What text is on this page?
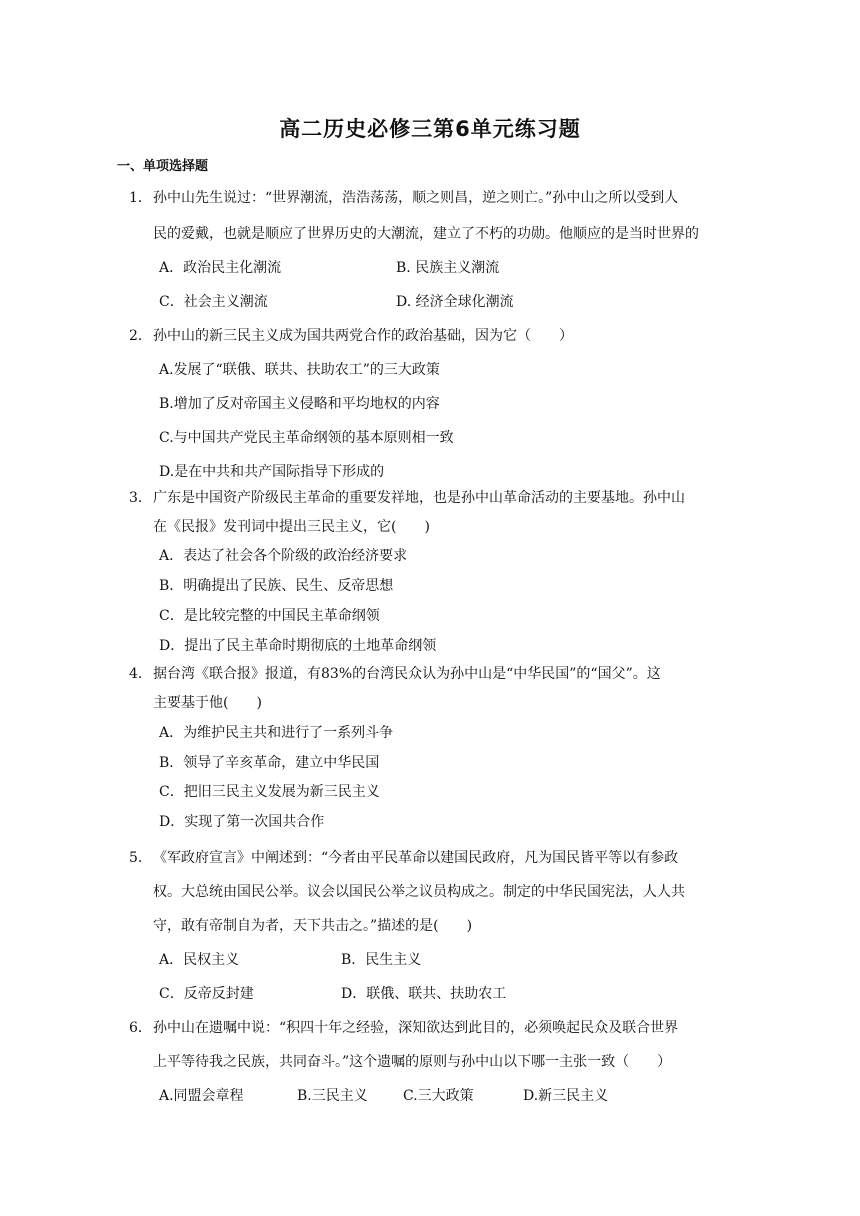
高二历史必修三第6单元练习题
一、单项选择题
1． 孙中山先生说过：“世界潮流，浩浩荡荡，顺之则昌，逆之则亡。”孙中山之所以受到人
民的爱戴，也就是顺应了世界历史的大潮流，建立了不朽的功勋。他顺应的是当时世界的
A．政治民主化潮流	B. 民族主义潮流
C．社会主义潮流	D. 经济全球化潮流
2． 孙中山的新三民主义成为国共两党合作的政治基础，因为它（　　）
A.发展了“联俄、联共、扶助农工”的三大政策
B.增加了反对帝国主义侵略和平均地权的内容
C.与中国共产党民主革命纲领的基本原则相一致
D.是在中共和共产国际指导下形成的
3． 广东是中国资产阶级民主革命的重要发祥地，也是孙中山革命活动的主要基地。孙中山
在《民报》发刊词中提出三民主义，它(　　)
A．表达了社会各个阶级的政治经济要求
B．明确提出了民族、民生、反帝思想
C．是比较完整的中国民主革命纲领
D．提出了民主革命时期彻底的土地革命纲领
4． 据台湾《联合报》报道，有83%的台湾民众认为孙中山是“中华民国”的“国父”。这
主要基于他(　　)
A．为维护民主共和进行了一系列斗争
B．领导了辛亥革命，建立中华民国
C．把旧三民主义发展为新三民主义
D．实现了第一次国共合作
5． 《军政府宣言》中阐述到：“今者由平民革命以建国民政府，凡为国民皆平等以有参政
权。大总统由国民公举。议会以国民公举之议员构成之。制定的中华民国宪法，人人共
守，敢有帝制自为者，天下共击之。”描述的是(　　)
A．民权主义	B．民生主义
C．反帝反封建	D．联俄、联共、扶助农工
6． 孙中山在遗嘱中说：“积四十年之经验，深知欲达到此目的，必须唤起民众及联合世界
上平等待我之民族，共同奋斗。”这个遗嘱的原则与孙中山以下哪一主张一致（　　）
A.同盟会章程	B.三民主义	C.三大政策	D.新三民主义
